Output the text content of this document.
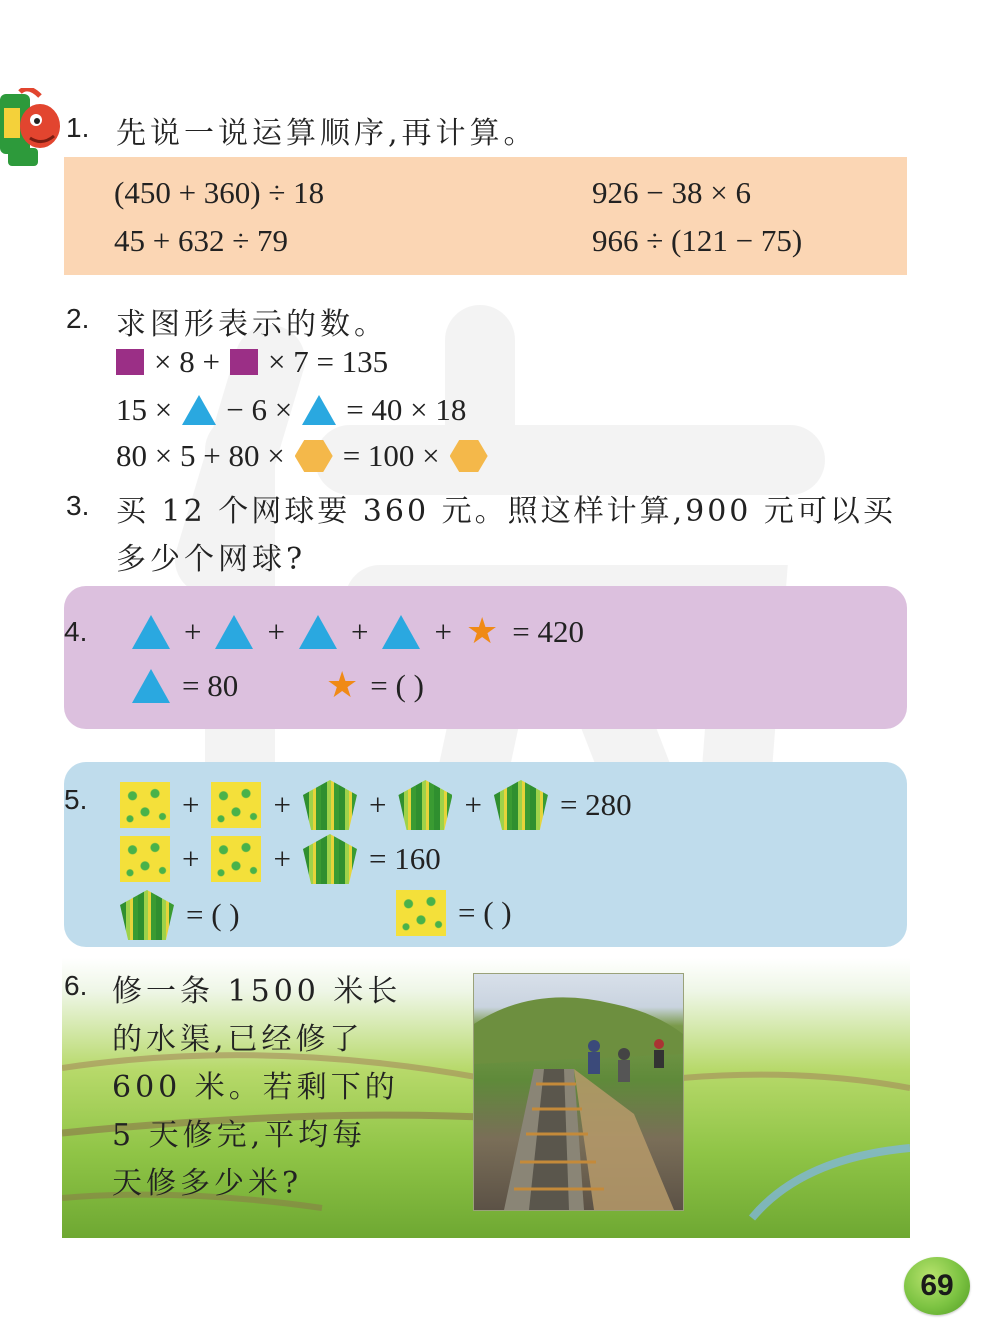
1. 先说一说运算顺序,再计算。
(450 + 360) ÷ 18	926 − 38 × 6
45 + 632 ÷ 79	966 ÷ (121 − 75)
2. 求图形表示的数。
× 8 + × 7 = 135
15 × − 6 × = 40 × 18
80 × 5 + 80 × = 100 ×
3. 买 12 个网球要 360 元。照这样计算,900 元可以买
多少个网球?
4.	+ + + + ★ = 420
= 80 ★ = ( )
5.	+ +	+	+	= 280
+ +	= 160
= ( )	= ( )
6. 修一条 1500 米长
的水渠,已经修了
600 米。若剩下的
5 天修完,平均每
天修多少米?
69
